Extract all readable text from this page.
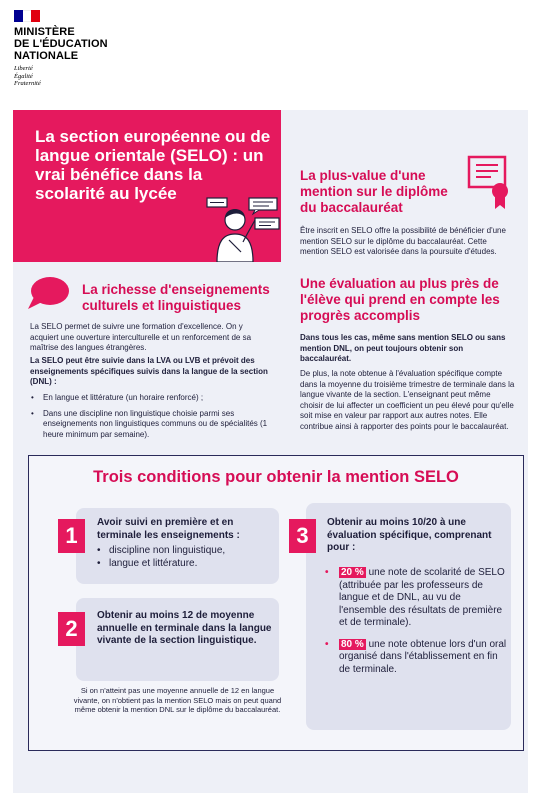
MINISTÈRE
DE L'ÉDUCATION
NATIONALE
Liberté
Égalité
Fraternité
La section européenne ou de langue orientale (SELO) : un vrai bénéfice dans la scolarité au lycée
La richesse d'enseignements culturels et linguistiques
La SELO permet de suivre une formation d'excellence. On y acquiert une ouverture interculturelle et un renforcement de sa maîtrise des langues étrangères.
La SELO peut être suivie dans la LVA ou LVB et prévoit des enseignements spécifiques suivis dans la langue de la section (DNL) :
• En langue et littérature (un horaire renforcé) ;
• Dans une discipline non linguistique choisie parmi ses enseignements non linguistiques communs ou de spécialités (1 heure minimum par semaine).
La plus-value d'une mention sur le diplôme du baccalauréat
Être inscrit en SELO offre la possibilité de bénéficier d'une mention SELO sur le diplôme du baccalauréat. Cette mention SELO est valorisée dans la poursuite d'études.
Une évaluation au plus près de l'élève qui prend en compte les progrès accomplis
Dans tous les cas, même sans mention SELO ou sans mention DNL, on peut toujours obtenir son baccalauréat.
De plus, la note obtenue à l'évaluation spécifique compte dans la moyenne du troisième trimestre de terminale dans la langue vivante de la section. L'enseignant peut même choisir de lui affecter un coefficient un peu élevé pour qu'elle soit mise en valeur par rapport aux autres notes. Elle contribue ainsi à rapporter des points pour le baccalauréat.
Trois conditions pour obtenir la mention SELO
1
Avoir suivi en première et en terminale les enseignements :
• discipline non linguistique,
• langue et littérature.
2
Obtenir au moins 12 de moyenne annuelle en terminale dans la langue vivante de la section linguistique.
Si on n'atteint pas une moyenne annuelle de 12 en langue vivante, on n'obtient pas la mention SELO mais on peut quand même obtenir la mention DNL sur le diplôme du baccalauréat.
3
Obtenir au moins 10/20 à une évaluation spécifique, comprenant pour :
• 20 % une note de scolarité de SELO (attribuée par les professeurs de langue et de DNL, au vu de l'ensemble des résultats de première et de terminale).
• 80 % une note obtenue lors d'un oral organisé dans l'établissement en fin de terminale.
